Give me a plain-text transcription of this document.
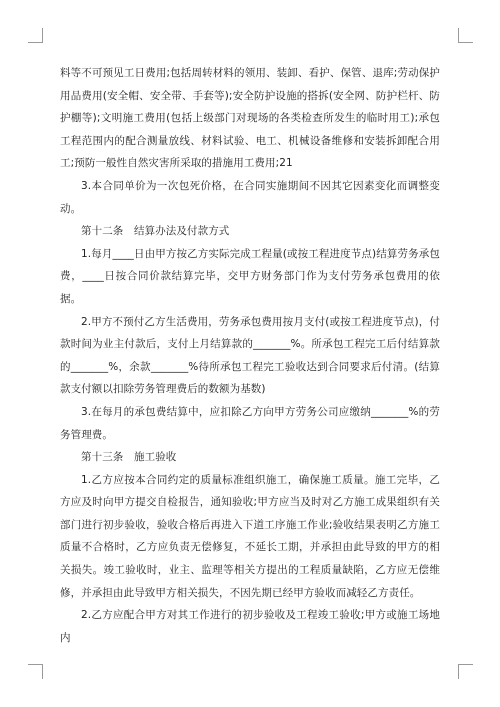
料等不可预见工日费用;包括周转材料的领用、装卸、看护、保管、退库;劳动保护用品费用(安全帽、安全带、手套等);安全防护设施的搭拆(安全网、防护栏杆、防护棚等);文明施工费用(包括上级部门对现场的各类检查所发生的临时用工);承包工程范围内的配合测量放线、材料试验、电工、机械设备维修和安装拆卸配合用工;预防一般性自然灾害所采取的措施用工费用;21

3.本合同单价为一次包死价格，在合同实施期间不因其它因素变化而调整变动。

第十二条　结算办法及付款方式

1.每月____日由甲方按乙方实际完成工程量(或按工程进度节点)结算劳务承包费，____日按合同价款结算完毕，交甲方财务部门作为支付劳务承包费用的依据。

2.甲方不预付乙方生活费用，劳务承包费用按月支付(或按工程进度节点)，付款时间为业主付款后，支付上月结算款的_______%。所承包工程完工后付结算款的_______%，余款_______%待所承包工程完工验收达到合同要求后付清。(结算款支付额以扣除劳务管理费后的数额为基数)

3.在每月的承包费结算中，应扣除乙方向甲方劳务公司应缴纳_______%的劳务管理费。

第十三条　施工验收

1.乙方应按本合同约定的质量标准组织施工，确保施工质量。施工完毕，乙方应及时向甲方提交自检报告，通知验收;甲方应当及时对乙方施工成果组织有关部门进行初步验收，验收合格后再进入下道工序施工作业;验收结果表明乙方施工质量不合格时，乙方应负责无偿修复，不延长工期，并承担由此导致的甲方的相关损失。竣工验收时，业主、监理等相关方提出的工程质量缺陷，乙方应无偿维修，并承担由此导致甲方相关损失，不因先期已经甲方验收而减轻乙方责任。

2.乙方应配合甲方对其工作进行的初步验收及工程竣工验收;甲方或施工场地内
